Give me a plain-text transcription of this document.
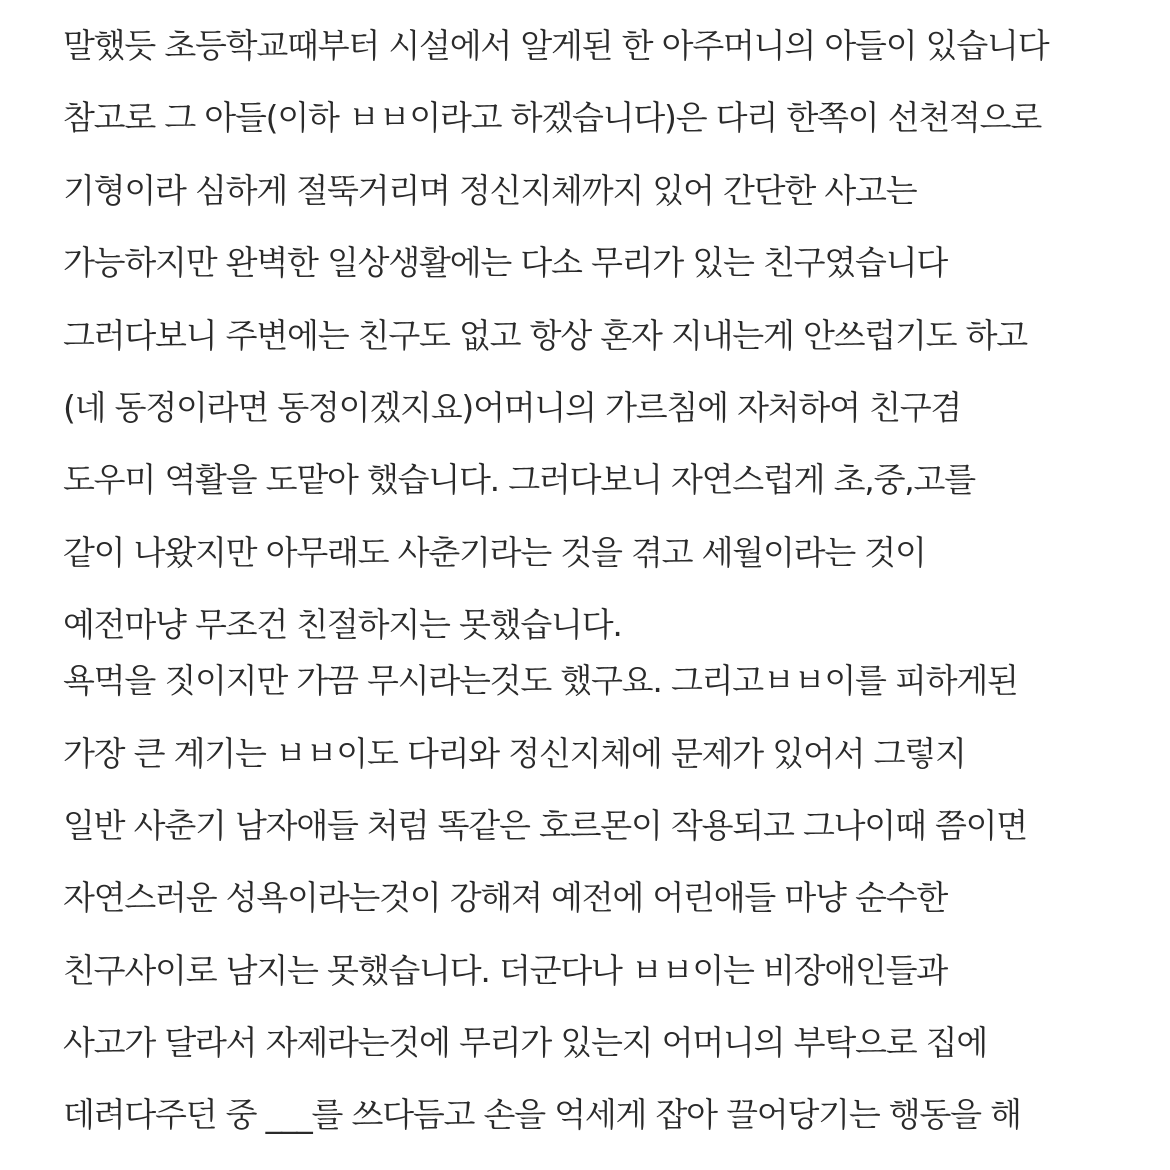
말했듯 초등학교때부터 시설에서 알게된 한 아주머니의 아들이 있습니다

참고로 그 아들(이하 ㅂㅂ이라고 하겠습니다)은 다리 한쪽이 선천적으로

기형이라 심하게 절뚝거리며 정신지체까지 있어 간단한 사고는

가능하지만 완벽한 일상생활에는 다소 무리가 있는 친구였습니다

그러다보니 주변에는 친구도 없고 항상 혼자 지내는게 안쓰럽기도 하고

(네 동정이라면 동정이겠지요)어머니의 가르침에 자처하여 친구겸

도우미 역활을 도맡아 했습니다. 그러다보니 자연스럽게 초,중,고를

같이 나왔지만 아무래도 사춘기라는 것을 겪고 세월이라는 것이

예전마냥 무조건 친절하지는 못했습니다.

욕먹을 짓이지만 가끔 무시라는것도 했구요. 그리고ㅂㅂ이를 피하게된

가장 큰 계기는 ㅂㅂ이도 다리와 정신지체에 문제가 있어서 그렇지

일반 사춘기 남자애들 처럼 똑같은 호르몬이 작용되고 그나이때 쯤이면

자연스러운 성욕이라는것이 강해져 예전에 어린애들 마냥 순수한

친구사이로 남지는 못했습니다. 더군다나 ㅂㅂ이는 비장애인들과

사고가 달라서 자제라는것에 무리가 있는지 어머니의 부탁으로 집에

데려다주던 중 ___를 쓰다듬고 손을 억세게 잡아 끌어당기는 행동을 해
